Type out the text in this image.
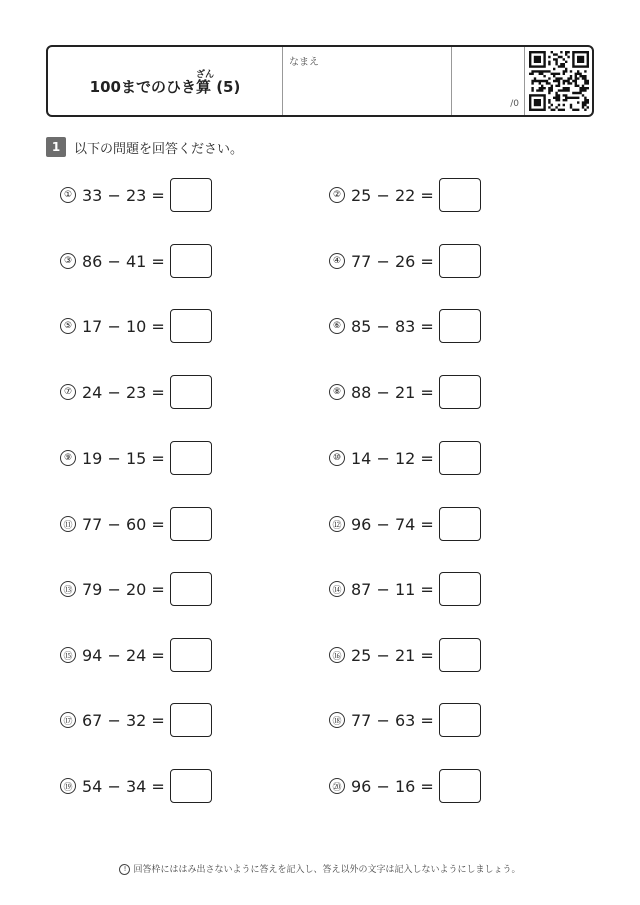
ざん
100までのひき算 (5)
なまえ
/0
1	以下の問題を回答ください。
① 33 − 23 =	② 25 − 22 =
③ 86 − 41 =	④ 77 − 26 =
⑤ 17 − 10 =	⑥ 85 − 83 =
⑦ 24 − 23 =	⑧ 88 − 21 =
⑨ 19 − 15 =	⑩ 14 − 12 =
⑪ 77 − 60 =	⑫ 96 − 74 =
⑬ 79 − 20 =	⑭ 87 − 11 =
⑮ 94 − 24 =	⑯ 25 − 21 =
⑰ 67 − 32 =	⑱ 77 − 63 =
⑲ 54 − 34 =	⑳ 96 − 16 =
! 回答枠にははみ出さないように答えを記入し、答え以外の文字は記入しないようにしましょう。
